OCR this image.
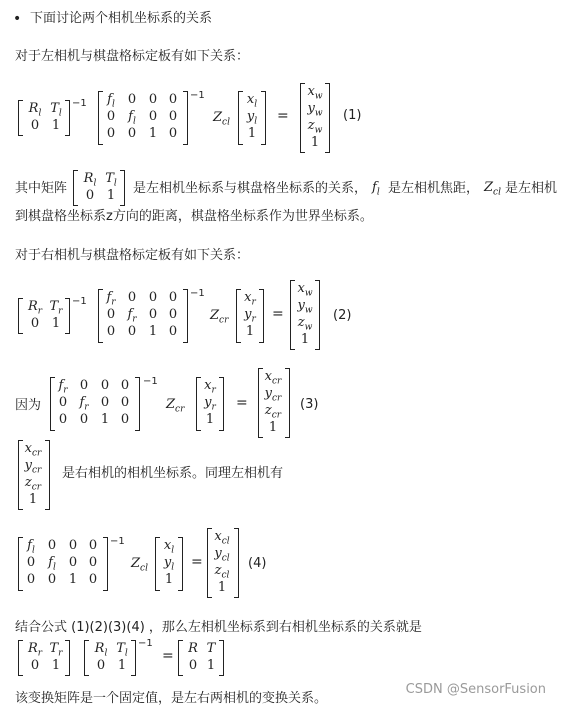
• 下面讨论两个相机坐标系的关系
对于左相机与棋盘格标定板有如下关系：
$R_l$ $T_l$
0 1
−1	$f_l$	0 0 0
0	$f_l$	0 0
0 0 1 0
−1
$Z_{cl}$
$x_l$
$y_l$
1
=
$x_w$
$y_w$
$z_w$
1
(1)
其中矩阵
$R_l$ $T_l$
0 1	是左相机坐标系与棋盘格坐标系的关系， $f_l$ 是左相机焦距， $Z_{cl}$ 是左相机
到棋盘格坐标系z方向的距离，棋盘格坐标系作为世界坐标系。
对于右相机与棋盘格标定板有如下关系：
$R_r$ $T_r$
0 1
−1	$f_r$ 0 0 0
0 $f_r$ 0 0
0 0 1 0
−1
$Z_{cr}$
$x_r$
$y_r$
1
=
$x_w$
$y_w$
$z_w$
1
(2)
因为
$f_r$ 0 0 0
0 $f_r$ 0 0
0 0 1 0
−1
$Z_{cr}$
$x_r$
$y_r$
1
=
$x_{cr}$
$y_{cr}$
$z_{cr}$
1
(3)
$x_{cr}$
$y_{cr}$
$z_{cr}$
1
是右相机的相机坐标系。同理左相机有
$f_l$	0 0 0
0	$f_l$	0 0
0 0 1 0
−1
$Z_{cl}$
$x_l$
$y_l$
1
=
$x_{cl}$
$y_{cl}$
$z_{cl}$
1
(4)
结合公式 (1)(2)(3)(4) ，那么左相机坐标系到右相机坐标系的关系就是
$R_r$ $T_r$
0 1
$R_l$ $T_l$
0 1
−1
=	R T
0 1
该变换矩阵是一个固定值，是左右两相机的变换关系。
CSDN @SensorFusion
